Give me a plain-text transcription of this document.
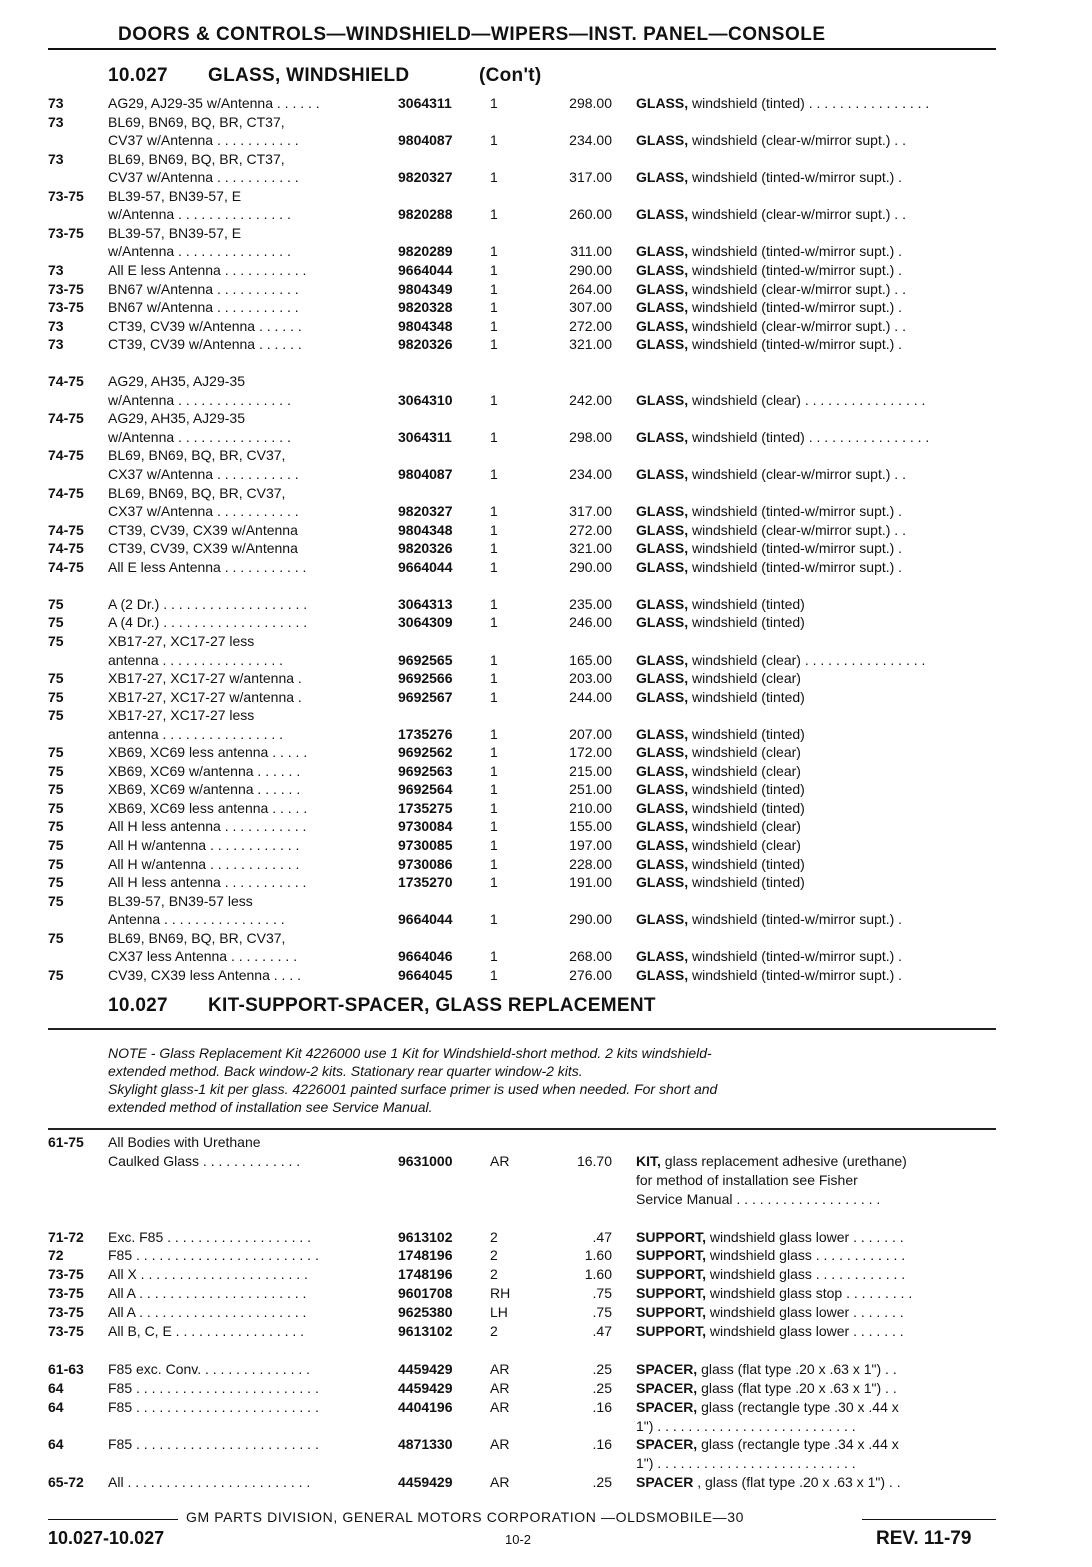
DOORS & CONTROLS—WINDSHIELD—WIPERS—INST. PANEL—CONSOLE
10.027 GLASS, WINDSHIELD	(Con't)
73	AG29, AJ29-35 w/Antenna . . . . . .	3064311	1	298.00 GLASS, windshield (tinted) . . . . . . . . . . . . . . . .
73	BL69, BN69, BQ, BR, CT37,
CV37 w/Antenna . . . . . . . . . . .	9804087	1	234.00 GLASS, windshield (clear-w/mirror supt.) . .
73	BL69, BN69, BQ, BR, CT37,
CV37 w/Antenna . . . . . . . . . . .	9820327	1	317.00 GLASS, windshield (tinted-w/mirror supt.) .
73-75 BL39-57, BN39-57, E
w/Antenna . . . . . . . . . . . . . . .	9820288	1	260.00 GLASS, windshield (clear-w/mirror supt.) . .
73-75 BL39-57, BN39-57, E
w/Antenna . . . . . . . . . . . . . . .	9820289	1	311.00 GLASS, windshield (tinted-w/mirror supt.) .
73	All E less Antenna . . . . . . . . . . .	9664044	1	290.00 GLASS, windshield (tinted-w/mirror supt.) .
73-75 BN67 w/Antenna . . . . . . . . . . .	9804349	1	264.00 GLASS, windshield (clear-w/mirror supt.) . .
73-75 BN67 w/Antenna . . . . . . . . . . .	9820328	1	307.00 GLASS, windshield (tinted-w/mirror supt.) .
73	CT39, CV39 w/Antenna . . . . . .	9804348	1	272.00 GLASS, windshield (clear-w/mirror supt.) . .
73	CT39, CV39 w/Antenna . . . . . .	9820326	1	321.00 GLASS, windshield (tinted-w/mirror supt.) .
74-75 AG29, AH35, AJ29-35
w/Antenna . . . . . . . . . . . . . . .	3064310	1	242.00 GLASS, windshield (clear) . . . . . . . . . . . . . . . .
74-75 AG29, AH35, AJ29-35
w/Antenna . . . . . . . . . . . . . . .	3064311	1	298.00 GLASS, windshield (tinted) . . . . . . . . . . . . . . . .
74-75 BL69, BN69, BQ, BR, CV37,
CX37 w/Antenna . . . . . . . . . . .	9804087	1	234.00 GLASS, windshield (clear-w/mirror supt.) . .
74-75 BL69, BN69, BQ, BR, CV37,
CX37 w/Antenna . . . . . . . . . . .	9820327	1	317.00 GLASS, windshield (tinted-w/mirror supt.) .
74-75 CT39, CV39, CX39 w/Antenna	9804348	1	272.00 GLASS, windshield (clear-w/mirror supt.) . .
74-75 CT39, CV39, CX39 w/Antenna	9820326	1	321.00 GLASS, windshield (tinted-w/mirror supt.) .
74-75 All E less Antenna . . . . . . . . . . .	9664044	1	290.00 GLASS, windshield (tinted-w/mirror supt.) .
75	A (2 Dr.) . . . . . . . . . . . . . . . . . . .	3064313	1	235.00 GLASS, windshield (tinted)
75	A (4 Dr.) . . . . . . . . . . . . . . . . . . .	3064309	1	246.00 GLASS, windshield (tinted)
75	XB17-27, XC17-27 less
antenna . . . . . . . . . . . . . . . .	9692565	1	165.00 GLASS, windshield (clear) . . . . . . . . . . . . . . . .
75	XB17-27, XC17-27 w/antenna .	9692566	1	203.00 GLASS, windshield (clear)
75	XB17-27, XC17-27 w/antenna .	9692567	1	244.00 GLASS, windshield (tinted)
75	XB17-27, XC17-27 less
antenna . . . . . . . . . . . . . . . .	1735276	1	207.00 GLASS, windshield (tinted)
75	XB69, XC69 less antenna . . . . .	9692562	1	172.00 GLASS, windshield (clear)
75	XB69, XC69 w/antenna . . . . . .	9692563	1	215.00 GLASS, windshield (clear)
75	XB69, XC69 w/antenna . . . . . .	9692564	1	251.00 GLASS, windshield (tinted)
75	XB69, XC69 less antenna . . . . .	1735275	1	210.00 GLASS, windshield (tinted)
75	All H less antenna . . . . . . . . . . .	9730084	1	155.00 GLASS, windshield (clear)
75	All H w/antenna . . . . . . . . . . . .	9730085	1	197.00 GLASS, windshield (clear)
75	All H w/antenna . . . . . . . . . . . .	9730086	1	228.00 GLASS, windshield (tinted)
75	All H less antenna . . . . . . . . . . .	1735270	1	191.00 GLASS, windshield (tinted)
75	BL39-57, BN39-57 less
Antenna . . . . . . . . . . . . . . . .	9664044	1	290.00 GLASS, windshield (tinted-w/mirror supt.) .
75	BL69, BN69, BQ, BR, CV37,
CX37 less Antenna . . . . . . . . .	9664046	1	268.00 GLASS, windshield (tinted-w/mirror supt.) .
75	CV39, CX39 less Antenna . . . .	9664045	1	276.00 GLASS, windshield (tinted-w/mirror supt.) .
10.027 KIT-SUPPORT-SPACER, GLASS REPLACEMENT
NOTE - Glass Replacement Kit 4226000 use 1 Kit for Windshield-short method. 2 kits windshield-
extended method. Back window-2 kits. Stationary rear quarter window-2 kits.
Skylight glass-1 kit per glass. 4226001 painted surface primer is used when needed. For short and
extended method of installation see Service Manual.
61-75 All Bodies with Urethane
Caulked Glass . . . . . . . . . . . . .	9631000	AR	16.70 KIT, glass replacement adhesive (urethane)
for method of installation see Fisher
Service Manual . . . . . . . . . . . . . . . . . . .
71-72 Exc. F85 . . . . . . . . . . . . . . . . . . .	9613102	2	.47 SUPPORT, windshield glass lower . . . . . . .
72	F85 . . . . . . . . . . . . . . . . . . . . . . . .	1748196	2	1.60 SUPPORT, windshield glass . . . . . . . . . . . .
73-75 All X . . . . . . . . . . . . . . . . . . . . . .	1748196	2	1.60 SUPPORT, windshield glass . . . . . . . . . . . .
73-75 All A . . . . . . . . . . . . . . . . . . . . . .	9601708	RH	.75 SUPPORT, windshield glass stop . . . . . . . . .
73-75 All A . . . . . . . . . . . . . . . . . . . . . .	9625380	LH	.75 SUPPORT, windshield glass lower . . . . . . .
73-75 All B, C, E . . . . . . . . . . . . . . . . .	9613102	2	.47 SUPPORT, windshield glass lower . . . . . . .
61-63 F85 exc. Conv. . . . . . . . . . . . . . .	4459429	AR	.25 SPACER, glass (flat type .20 x .63 x 1") . .
64	F85 . . . . . . . . . . . . . . . . . . . . . . . .	4459429	AR	.25 SPACER, glass (flat type .20 x .63 x 1") . .
64	F85 . . . . . . . . . . . . . . . . . . . . . . . .	4404196	AR	.16 SPACER, glass (rectangle type .30 x .44 x
1") . . . . . . . . . . . . . . . . . . . . . . . . . .
64	F85 . . . . . . . . . . . . . . . . . . . . . . . .	4871330	AR	.16 SPACER, glass (rectangle type .34 x .44 x
1") . . . . . . . . . . . . . . . . . . . . . . . . . .
65-72 All . . . . . . . . . . . . . . . . . . . . . . . .	4459429	AR	.25 SPACER , glass (flat type .20 x .63 x 1") . .
GM PARTS DIVISION, GENERAL MOTORS CORPORATION —OLDSMOBILE—30
10.027-10.027	10-2	REV. 11-79
